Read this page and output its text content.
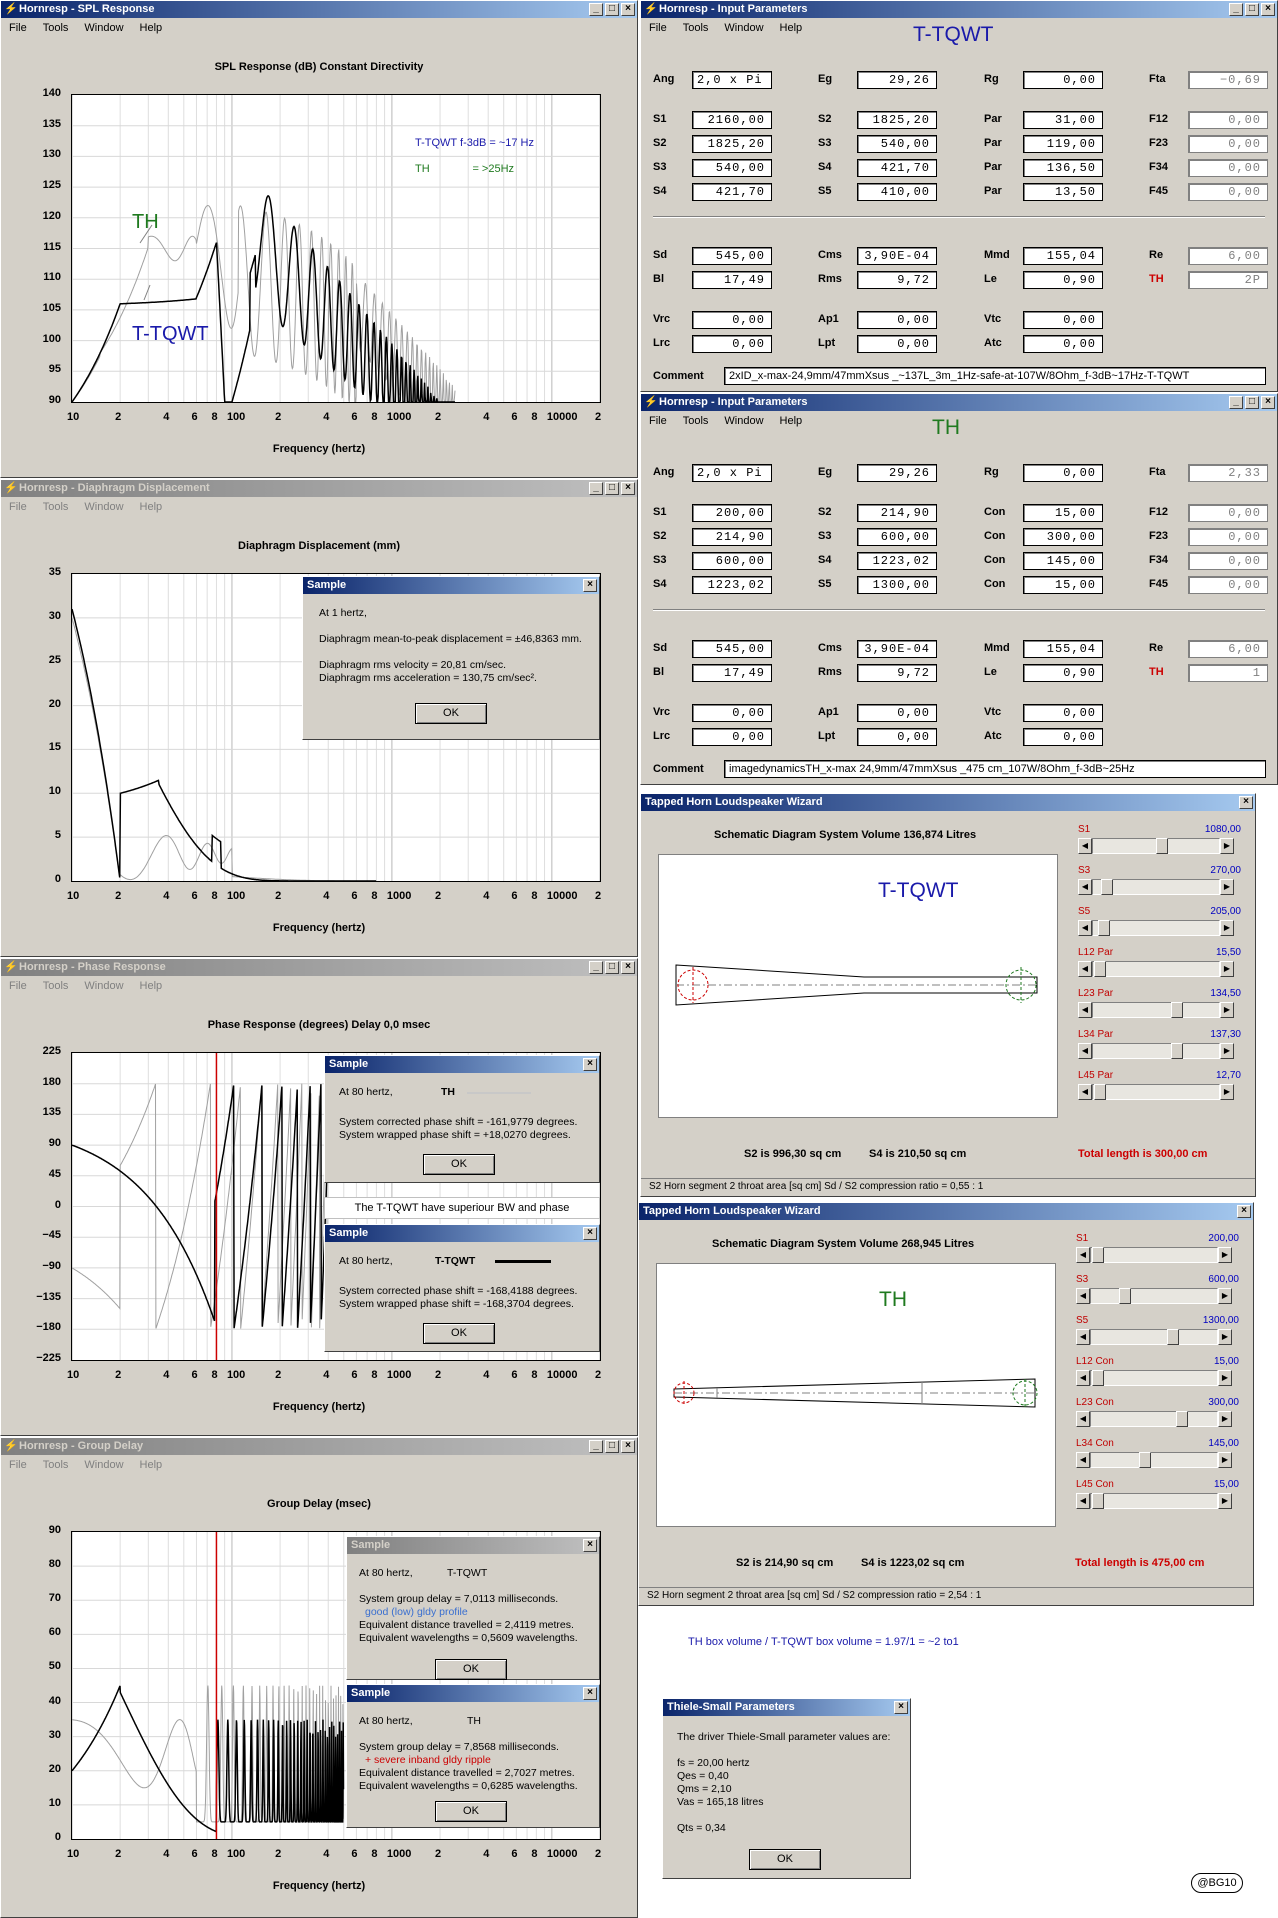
⚡ Hornresp - SPL Response	_ □ ×
File Tools Window Help
SPL Response (dB) Constant Directivity
T-TQWT f-3dB = ~17 Hz
TH              = >25Hz
TH
T-TQWT
140
135
130
125
120
115
110
105
100
95
90
10	2	4 6 8 100	2	4 6 8 1000 2	4 6 8 10000 2
Frequency (hertz)
⚡ Hornresp - Diaphragm Displacement	_ □ ×
File Tools Window Help
Diaphragm Displacement (mm)
35
30
25
20
15
10
5
0
10	2	4 6 8 100	2	4 6 8 1000 2	4 6 8 10000 2
Frequency (hertz)
Sample	×
At 1 hertz,
Diaphragm mean-to-peak displacement = ±46,8363 mm.
Diaphragm rms velocity = 20,81 cm/sec.
Diaphragm rms acceleration = 130,75 cm/sec².
OK
⚡ Hornresp - Phase Response	_ □ ×
File Tools Window Help
Phase Response (degrees) Delay 0,0 msec
225
180
135
90
45
0
−45
−90
−135
−180
−225
10	2	4 6 8 100	2	4 6 8 1000 2	4 6 8 10000 2
Frequency (hertz)
Sample	×
At 80 hertz,	TH
System corrected phase shift = -161,9779 degrees.
System wrapped phase shift = +18,0270 degrees.
OK
The T-TQWT have superiour BW and phase
Sample	×
At 80 hertz,	T-TQWT
System corrected phase shift = -168,4188 degrees.
System wrapped phase shift = -168,3704 degrees.
OK
⚡ Hornresp - Group Delay	_ □ ×
File Tools Window Help
Group Delay (msec)
90
80
70
60
50
40
30
20
10
0
10	2	4 6 8 100	2	4 6 8 1000 2	4 6 8 10000 2
Frequency (hertz)
Sample	×
At 80 hertz,	T-TQWT
System group delay = 7,0113 milliseconds.
good (low) gldy profile
Equivalent distance travelled = 2,4119 metres.
Equivalent wavelengths = 0,5609 wavelengths.
OK
Sample	×
At 80 hertz,	TH
System group delay = 7,8568 milliseconds.
+ severe inband gldy ripple
Equivalent distance travelled = 2,7027 metres.
Equivalent wavelengths = 0,6285 wavelengths.
OK
⚡ Hornresp - Input Parameters	_ □ ×
File Tools Window Help	T-TQWT
Ang	2,0 x Pi	Eg	29,26	Rg	0,00	Fta	−0,69
S1	2160,00	S2	1825,20	Par	31,00	F12	0,00
S2	1825,20	S3	540,00	Par	119,00	F23	0,00
S3	540,00	S4	421,70	Par	136,50	F34	0,00
S4	421,70	S5	410,00	Par	13,50	F45	0,00
Sd	545,00	Cms	3,90E-04	Mmd	155,04	Re	6,00
Bl	17,49	Rms	9,72	Le	0,90	TH	2P
Vrc	0,00	Ap1	0,00	Vtc	0,00
Lrc	0,00	Lpt	0,00	Atc	0,00
Comment	2xID_x-max-24,9mm/47mmXsus _~137L_3m_1Hz-safe-at-107W/8Ohm_f-3dB~17Hz-T-TQWT
⚡ Hornresp - Input Parameters	_ □ ×
File Tools Window Help	TH
Ang	2,0 x Pi	Eg	29,26	Rg	0,00	Fta	2,33
S1	200,00	S2	214,90	Con	15,00	F12	0,00
S2	214,90	S3	600,00	Con	300,00	F23	0,00
S3	600,00	S4	1223,02	Con	145,00	F34	0,00
S4	1223,02	S5	1300,00	Con	15,00	F45	0,00
Sd	545,00	Cms	3,90E-04	Mmd	155,04	Re	6,00
Bl	17,49	Rms	9,72	Le	0,90	TH	1
Vrc	0,00	Ap1	0,00	Vtc	0,00
Lrc	0,00	Lpt	0,00	Atc	0,00
Comment	imagedynamicsTH_x-max 24,9mm/47mmXsus _475 cm_107W/8Ohm_f-3dB~25Hz
Tapped Horn Loudspeaker Wizard	×
Schematic Diagram System Volume 136,874 Litres
T-TQWT
S2 is 996,30 sq cm	S4 is 210,50 sq cm	Total length is 300,00 cm
S2 Horn segment 2 throat area [sq cm] Sd / S2 compression ratio = 0,55 : 1
S1	1080,00
◀	▶
S3	270,00
◀	▶
S5	205,00
◀	▶
L12 Par	15,50
◀	▶
L23 Par	134,50
◀	▶
L34 Par	137,30
◀	▶
L45 Par	12,70
◀	▶
Tapped Horn Loudspeaker Wizard	×
Schematic Diagram System Volume 268,945 Litres
TH
S2 is 214,90 sq cm	S4 is 1223,02 sq cm	Total length is 475,00 cm
S2 Horn segment 2 throat area [sq cm] Sd / S2 compression ratio = 2,54 : 1
S1	200,00
◀	▶
S3	600,00
◀	▶
S5	1300,00
◀	▶
L12 Con	15,00
◀	▶
L23 Con	300,00
◀	▶
L34 Con	145,00
◀	▶
L45 Con	15,00
◀	▶
TH box volume / T-TQWT box volume = 1.97/1 = ~2 to1
Thiele-Small Parameters	×
The driver Thiele-Small parameter values are:
fs = 20,00 hertz
Qes = 0,40
Qms = 2,10
Vas = 165,18 litres
Qts = 0,34
OK
@BG10
